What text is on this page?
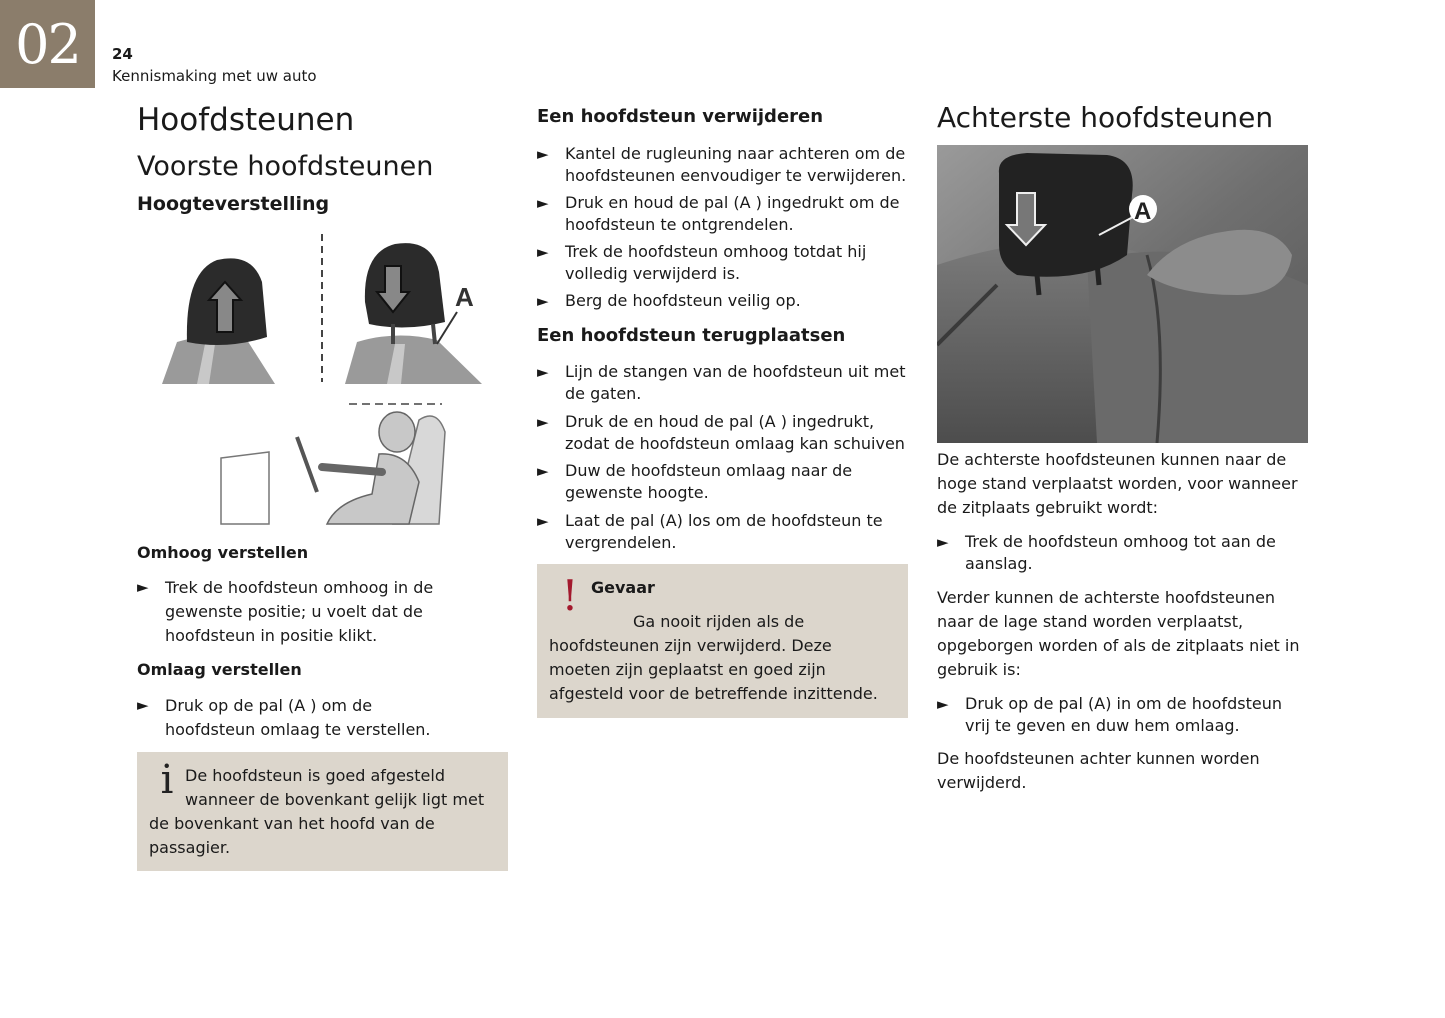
02 24
Kennismaking met uw auto
Hoofdsteunen
Voorste hoofdsteunen
Hoogteverstelling
A
Omhoog verstellen
►	Trek de hoofdsteun omhoog in de gewenste positie; u voelt dat de hoofdsteun in positie klikt.
Omlaag verstellen
►	Druk op de pal (A ) om de hoofdsteun omlaag te verstellen.
i De hoofdsteun is goed afgesteld wanneer de bovenkant gelijk ligt met de bovenkant van het hoofd van de passagier.
Een hoofdsteun verwijderen
►	Kantel de rugleuning naar achteren om de hoofdsteunen eenvoudiger te verwijderen.
►	Druk en houd de pal (A ) ingedrukt om de hoofdsteun te ontgrendelen.
►	Trek de hoofdsteun omhoog totdat hij volledig verwijderd is.
►	Berg de hoofdsteun veilig op.
Een hoofdsteun terugplaatsen
►	Lijn de stangen van de hoofdsteun uit met de gaten.
►	Druk de en houd de pal (A ) ingedrukt, zodat de hoofdsteun omlaag kan schuiven
►	Duw de hoofdsteun omlaag naar de gewenste hoogte.
►	Laat de pal (A) los om de hoofdsteun te vergrendelen.
! Gevaar
Ga nooit rijden als de hoofdsteunen zijn verwijderd. Deze moeten zijn geplaatst en goed zijn afgesteld voor de betreffende inzittende.
Achterste hoofdsteunen
A
De achterste hoofdsteunen kunnen naar de hoge stand verplaatst worden, voor wanneer de zitplaats gebruikt wordt:
►	Trek de hoofdsteun omhoog tot aan de aanslag.
Verder kunnen de achterste hoofdsteunen naar de lage stand worden verplaatst, opgeborgen worden of als de zitplaats niet in gebruik is:
►	Druk op de pal (A) in om de hoofdsteun vrij te geven en duw hem omlaag.
De hoofdsteunen achter kunnen worden verwijderd.
